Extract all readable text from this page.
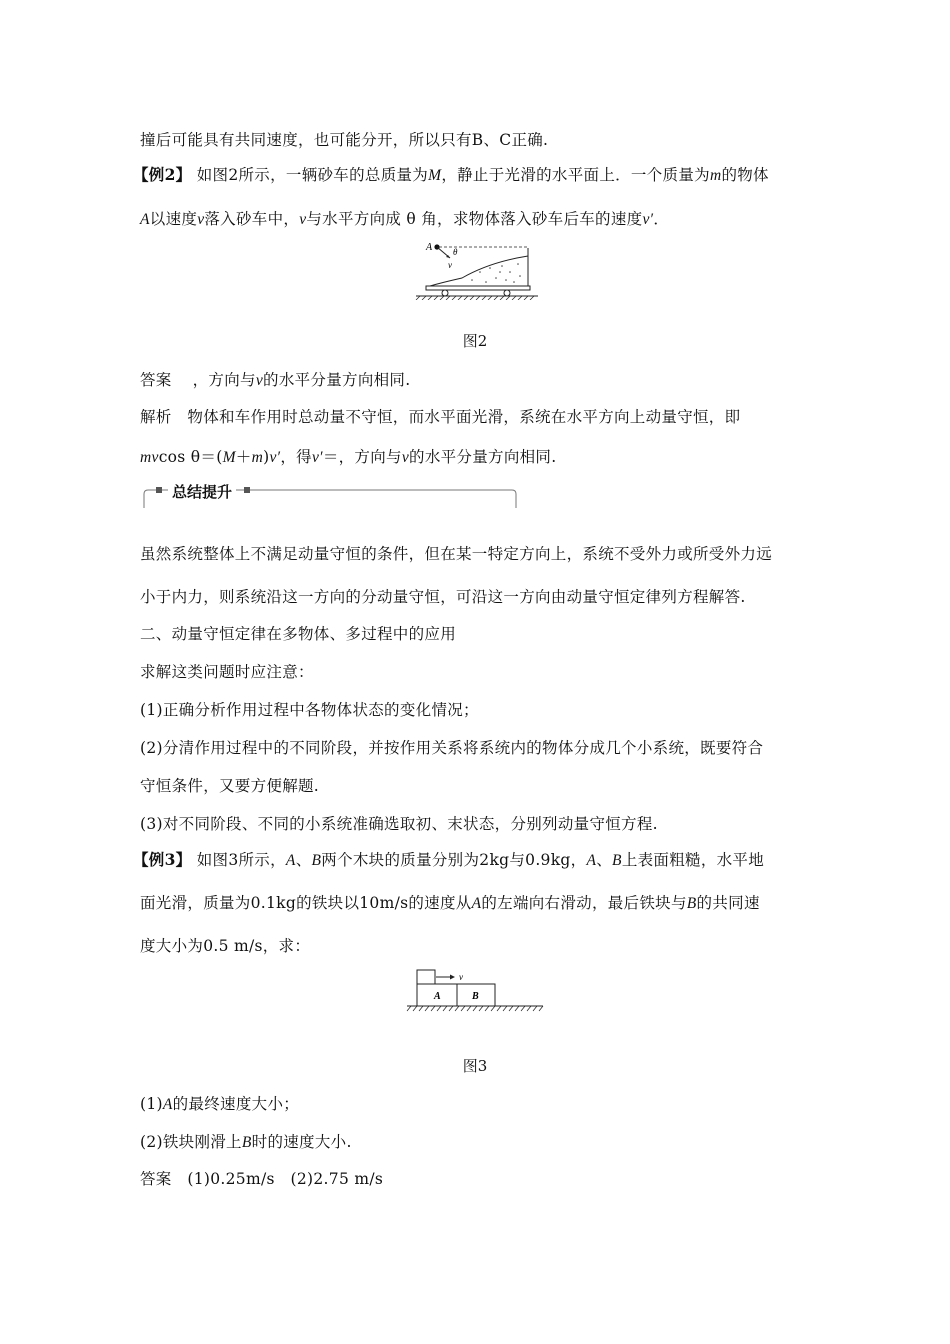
撞后可能具有共同速度，也可能分开，所以只有B、C正确.
【例2】 如图2所示，一辆砂车的总质量为M，静止于光滑的水平面上．一个质量为m的物体
A以速度v落入砂车中，v与水平方向成 θ 角，求物体落入砂车后车的速度v′．
A θ
v
图2
答案　 ，方向与v的水平分量方向相同.
解析　物体和车作用时总动量不守恒，而水平面光滑，系统在水平方向上动量守恒，即
mvcos θ＝(M＋m)v′，得v′＝，方向与v的水平分量方向相同.
总结提升
虽然系统整体上不满足动量守恒的条件，但在某一特定方向上，系统不受外力或所受外力远
小于内力，则系统沿这一方向的分动量守恒，可沿这一方向由动量守恒定律列方程解答.
二、动量守恒定律在多物体、多过程中的应用
求解这类问题时应注意：
(1)正确分析作用过程中各物体状态的变化情况；
(2)分清作用过程中的不同阶段，并按作用关系将系统内的物体分成几个小系统，既要符合
守恒条件，又要方便解题.
(3)对不同阶段、不同的小系统准确选取初、末状态，分别列动量守恒方程.
【例3】 如图3所示，A、B两个木块的质量分别为2kg与0.9kg，A、B上表面粗糙，水平地
面光滑，质量为0.1kg的铁块以10m/s的速度从A的左端向右滑动，最后铁块与B的共同速
度大小为0.5 m/s，求：
v
A	B
图3
(1)A的最终速度大小；
(2)铁块刚滑上B时的速度大小.
答案　(1)0.25m/s　(2)2.75 m/s
